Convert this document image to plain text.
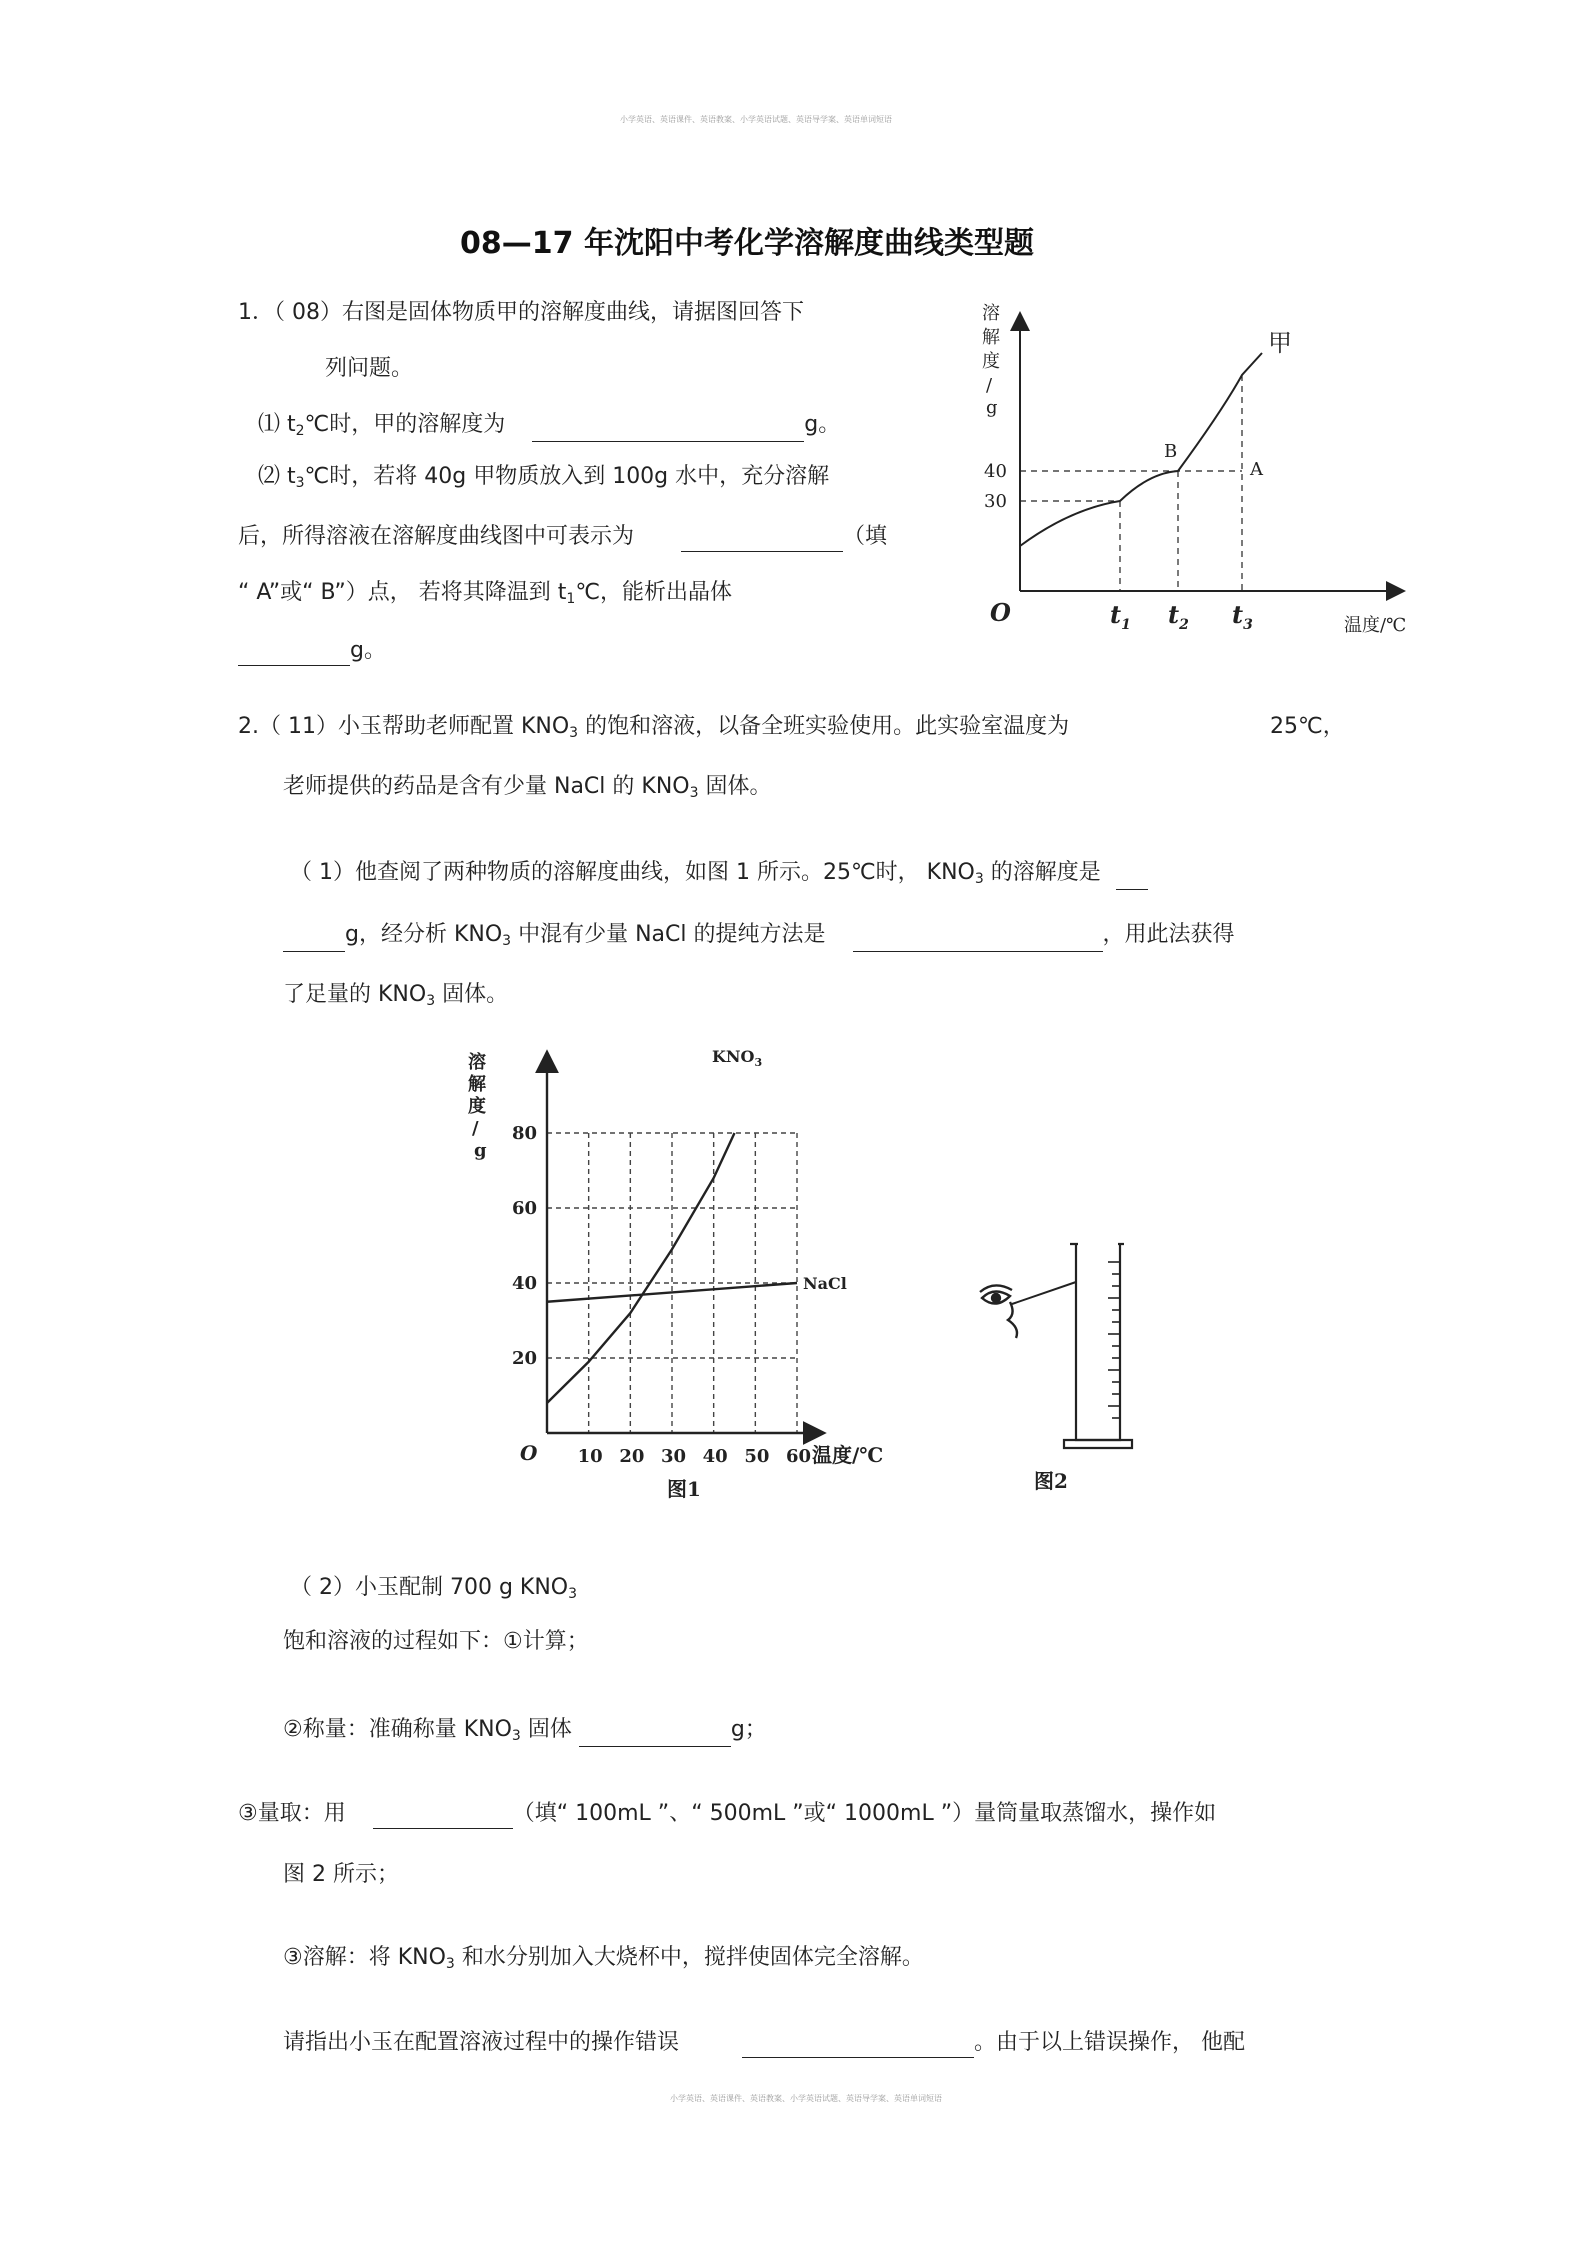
小学英语、英语课件、英语教案、小学英语试题、英语导学案、英语单词短语
小学英语、英语课件、英语教案、小学英语试题、英语导学案、英语单词短语
08—17 年沈阳中考化学溶解度曲线类型题
1．（ 08）右图是固体物质甲的溶解度曲线，请据图回答下
列问题。
⑴ t2℃时，甲的溶解度为	g。
⑵ t3℃时，若将 40g 甲物质放入到 100g 水中，充分溶解
后，所得溶液在溶解度曲线图中可表示为	（填
“ A”或“ B”）点， 若将其降温到 t1℃，能析出晶体
g。
溶
解
度
/
g
30
40
$t_1$ $t_2$ $t_3$
O	温度/℃
A
B
甲
2.（ 11）小玉帮助老师配置 KNO3 的饱和溶液，以备全班实验使用。此实验室温度为	25℃，
老师提供的药品是含有少量 NaCl 的 KNO3 固体。
（ 1）他查阅了两种物质的溶解度曲线，如图 1 所示。25℃时， KNO3 的溶解度是
g，经分析 KNO3 中混有少量 NaCl 的提纯方法是	，用此法获得
了足量的 KNO3 固体。
溶
解
度
/
g
20
40
60
80
10 20 30 40 50 60
O	温度/℃
$KNO_3$
NaCl
图1	图2
（ 2）小玉配制 700 g KNO3
饱和溶液的过程如下：①计算；
②称量：准确称量 KNO3 固体	g；
③量取：用	（填“ 100mL ”、“ 500mL ”或“ 1000mL ”）量筒量取蒸馏水，操作如
图 2 所示；
③溶解：将 KNO3 和水分别加入大烧杯中，搅拌使固体完全溶解。
请指出小玉在配置溶液过程中的操作错误	。由于以上错误操作， 他配
